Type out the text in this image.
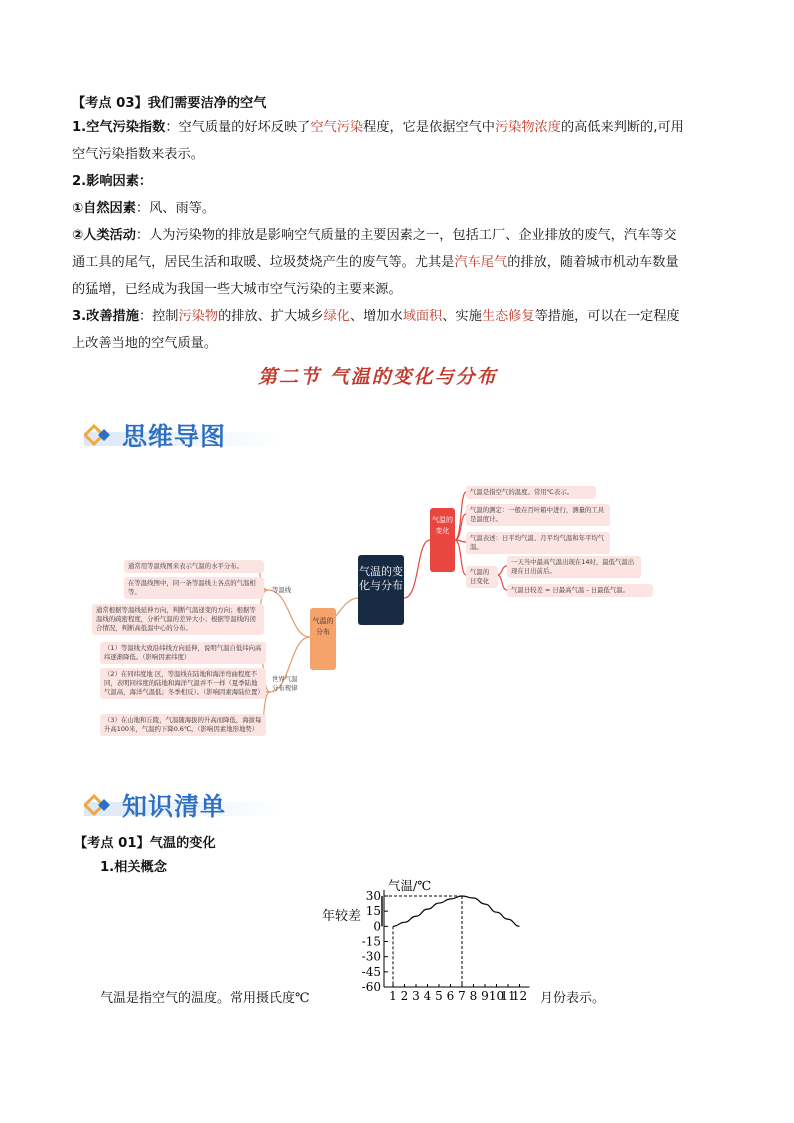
【考点 03】我们需要洁净的空气
1.空气污染指数：空气质量的好坏反映了空气污染程度，它是依据空气中污染物浓度的高低来判断的,可用
空气污染指数来表示。
2.影响因素：
①自然因素：风、雨等。
②人类活动：人为污染物的排放是影响空气质量的主要因素之一，包括工厂、企业排放的废气，汽车等交
通工具的尾气，居民生活和取暖、垃圾焚烧产生的废气等。尤其是汽车尾气的排放，随着城市机动车数量
的猛增，已经成为我国一些大城市空气污染的主要来源。
3.改善措施：控制污染物的排放、扩大城乡绿化、增加水域面积、实施生态修复等措施，可以在一定程度
上改善当地的空气质量。
第二节 气温的变化与分布
思维导图
气温的变化与分布
气温的分布
气温的变化
等温线
世界气温分布规律
通常用等温线图来表示气温的水平分布。
在等温线图中，同一条等温线上各点的气温相等。
通常根据等温线延伸方向，判断气温递变的方向；根据等温线的疏密程度，分析气温的差异大小；根据等温线的闭合情况，判断高低温中心的分布。
（1）等温线大致沿纬线方向延伸，说明气温自低纬向高纬逐渐降低。（影响因素纬度）
（2）在同纬度地 区，等温线在陆地和海洋弯曲程度不同，表明同纬度的陆地和海洋气温并不一样（夏季陆地气温高，海洋气温低；冬季相反）。（影响因素海陆位置）
（3）在山地和丘陵，气温随海拔的升高而降低，海拔每升高100米，气温约下降0.6℃。（影响因素地形地势）
气温是指空气的温度。常用℃表示。
气温的测定：一般在百叶箱中进行，测量的工具是温度计。
气温表述：日平均气温、月平均气温和年平均气温。
气温的日变化
一天当中最高气温出现在14时，最低气温出现在日出前后。
气温日较差 = 日最高气温 - 日最低气温。
知识清单
【考点 01】气温的变化
1.相关概念
气温/℃
年较差
30
15
0
-15
-30
-45
-60
1 2 3 4 5 6 7 8 9 10
11
12
气温是指空气的温度。常用摄氏度℃	月份表示。
